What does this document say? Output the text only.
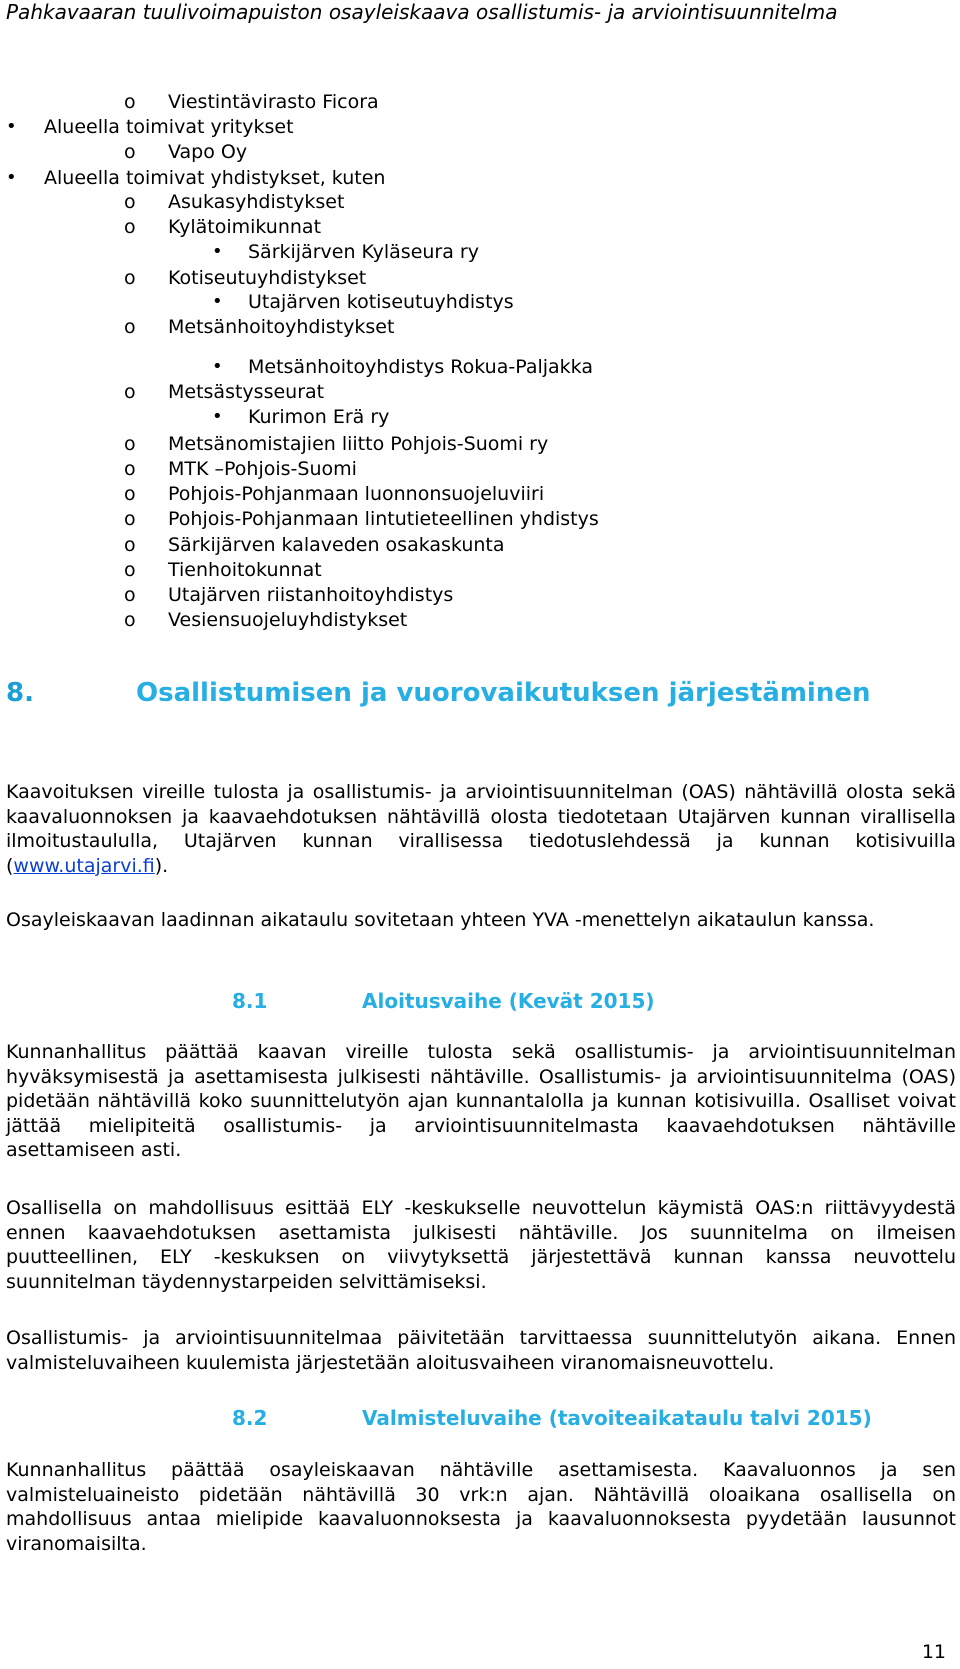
Pahkavaaran tuulivoimapuiston osayleiskaava osallistumis- ja arviointisuunnitelma
o Viestintävirasto Ficora
• Alueella toimivat yritykset
o Vapo Oy
• Alueella toimivat yhdistykset, kuten
o Asukasyhdistykset
o Kylätoimikunnat
• Särkijärven Kyläseura ry
o Kotiseutuyhdistykset
• Utajärven kotiseutuyhdistys
o Metsänhoitoyhdistykset
• Metsänhoitoyhdistys Rokua-Paljakka
o Metsästysseurat
• Kurimon Erä ry
o Metsänomistajien liitto Pohjois-Suomi ry
o MTK –Pohjois-Suomi
o Pohjois-Pohjanmaan luonnonsuojeluviiri
o Pohjois-Pohjanmaan lintutieteellinen yhdistys
o Särkijärven kalaveden osakaskunta
o Tienhoitokunnat
o Utajärven riistanhoitoyhdistys
o Vesiensuojeluyhdistykset
8.	Osallistumisen ja vuorovaikutuksen järjestäminen
Kaavoituksen vireille tulosta ja osallistumis- ja arviointisuunnitelman (OAS) nähtävillä olosta sekä kaavaluonnoksen ja kaavaehdotuksen nähtävillä olosta tiedotetaan Utajärven kunnan virallisella ilmoitustaululla, Utajärven kunnan virallisessa tiedotuslehdessä ja kunnan kotisivuilla (www.utajarvi.fi).
Osayleiskaavan laadinnan aikataulu sovitetaan yhteen YVA -menettelyn aikataulun kanssa.
8.1	Aloitusvaihe (Kevät 2015)
Kunnanhallitus päättää kaavan vireille tulosta sekä osallistumis- ja arviointisuunnitelman hyväksymisestä ja asettamisesta julkisesti nähtäville. Osallistumis- ja arviointisuunnitelma (OAS) pidetään nähtävillä koko suunnittelutyön ajan kunnantalolla ja kunnan kotisivuilla. Osalliset voivat jättää mielipiteitä osallistumis- ja arviointisuunnitelmasta kaavaehdotuksen nähtäville asettamiseen asti.
Osallisella on mahdollisuus esittää ELY -keskukselle neuvottelun käymistä OAS:n riittävyydestä ennen kaavaehdotuksen asettamista julkisesti nähtäville. Jos suunnitelma on ilmeisen puutteellinen, ELY -keskuksen on viivytyksettä järjestettävä kunnan kanssa neuvottelu suunnitelman täydennystarpeiden selvittämiseksi.
Osallistumis- ja arviointisuunnitelmaa päivitetään tarvittaessa suunnittelutyön aikana. Ennen valmisteluvaiheen kuulemista järjestetään aloitusvaiheen viranomaisneuvottelu.
8.2	Valmisteluvaihe (tavoiteaikataulu talvi 2015)
Kunnanhallitus päättää osayleiskaavan nähtäville asettamisesta. Kaavaluonnos ja sen valmisteluaineisto pidetään nähtävillä 30 vrk:n ajan. Nähtävillä oloaikana osallisella on mahdollisuus antaa mielipide kaavaluonnoksesta ja kaavaluonnoksesta pyydetään lausunnot viranomaisilta.
11
